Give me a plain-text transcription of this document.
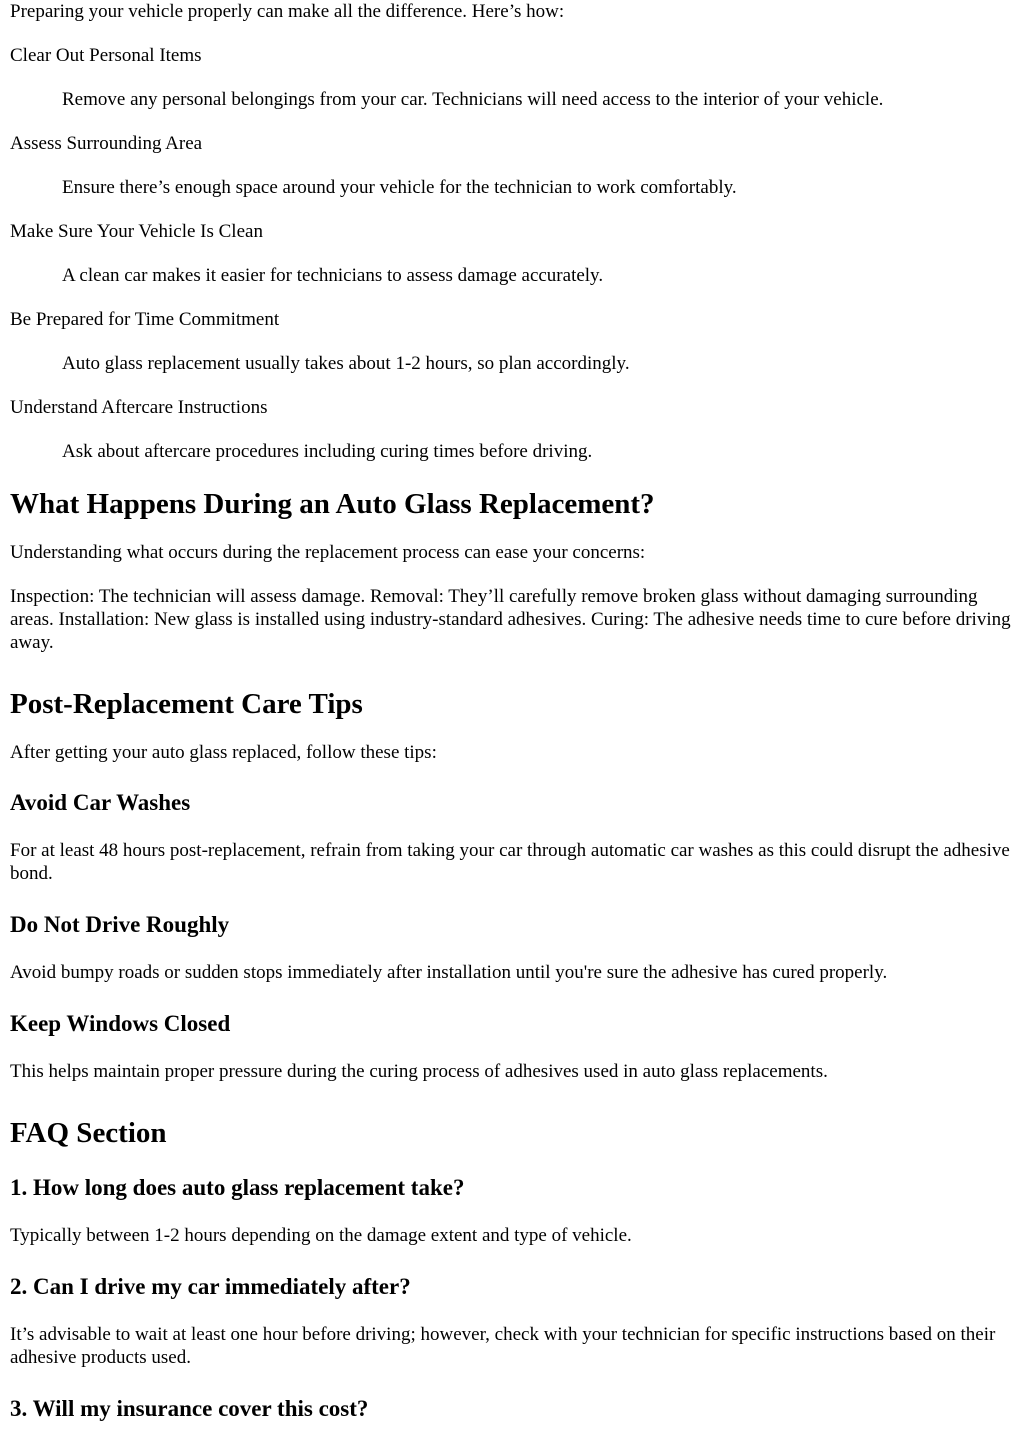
Preparing your vehicle properly can make all the difference. Here’s how:

Clear Out Personal Items
Remove any personal belongings from your car. Technicians will need access to the interior of your vehicle.
Assess Surrounding Area
Ensure there’s enough space around your vehicle for the technician to work comfortably.
Make Sure Your Vehicle Is Clean
A clean car makes it easier for technicians to assess damage accurately.
Be Prepared for Time Commitment
Auto glass replacement usually takes about 1-2 hours, so plan accordingly.
Understand Aftercare Instructions
Ask about aftercare procedures including curing times before driving.
What Happens During an Auto Glass Replacement?

Understanding what occurs during the replacement process can ease your concerns:

Inspection: The technician will assess damage. Removal: They’ll carefully remove broken glass without damaging surrounding areas. Installation: New glass is installed using industry-standard adhesives. Curing: The adhesive needs time to cure before driving away.

Post-Replacement Care Tips

After getting your auto glass replaced, follow these tips:

Avoid Car Washes

For at least 48 hours post-replacement, refrain from taking your car through automatic car washes as this could disrupt the adhesive bond.

Do Not Drive Roughly

Avoid bumpy roads or sudden stops immediately after installation until you're sure the adhesive has cured properly.

Keep Windows Closed

This helps maintain proper pressure during the curing process of adhesives used in auto glass replacements.

FAQ Section
1. How long does auto glass replacement take?

Typically between 1-2 hours depending on the damage extent and type of vehicle.

2. Can I drive my car immediately after?

It’s advisable to wait at least one hour before driving; however, check with your technician for specific instructions based on their adhesive products used.

3. Will my insurance cover this cost?
